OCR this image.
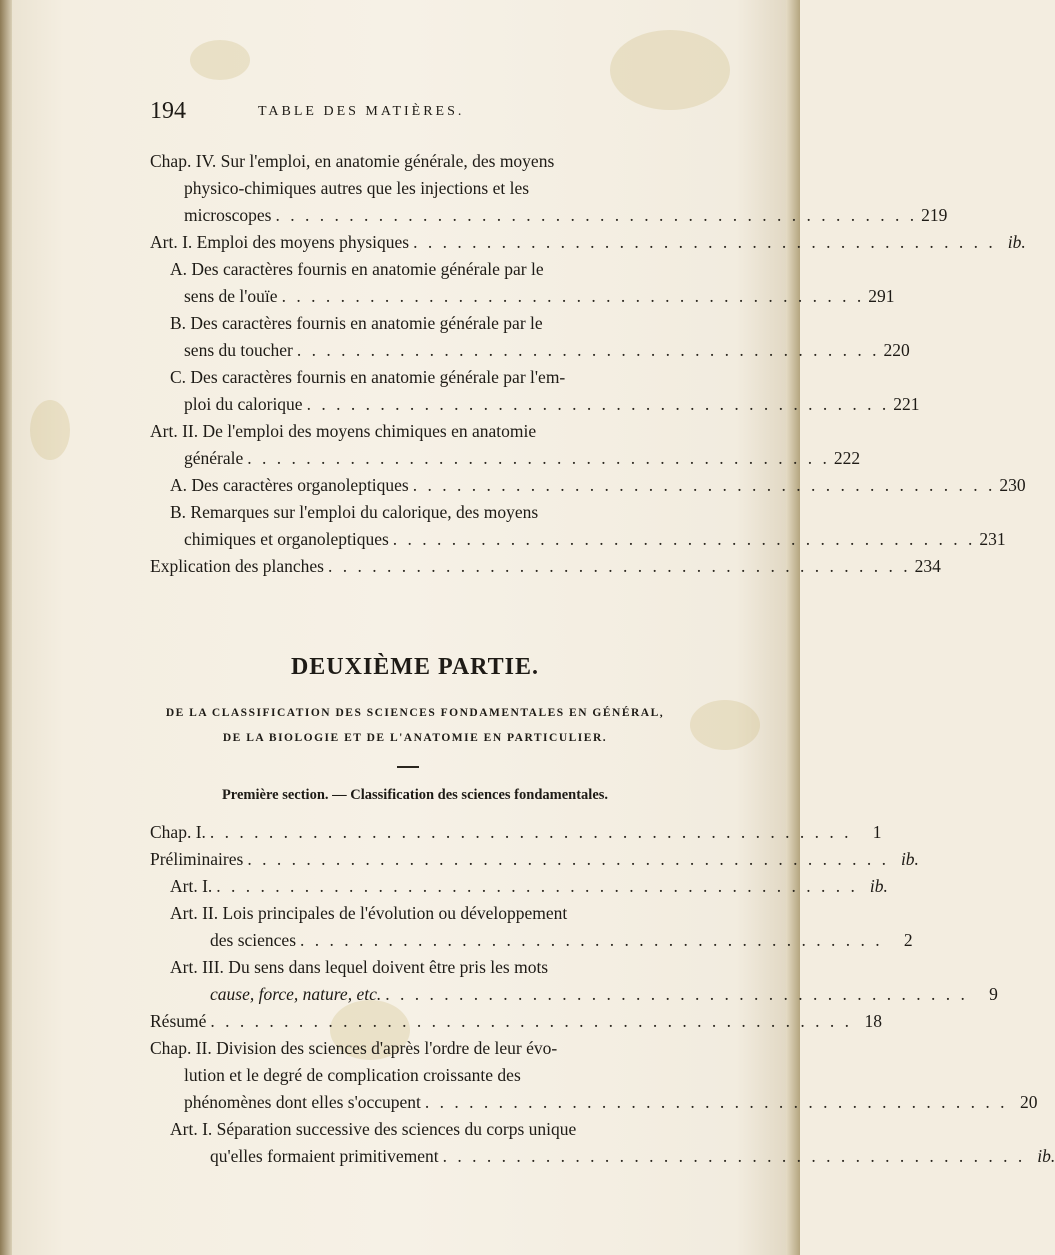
194	TABLE DES MATIÈRES.
Chap. IV. Sur l'emploi, en anatomie générale, des moyens
physico-chimiques autres que les injections et les
microscopes . . . . . . . . . . . . . . . . . . . . . . . . . . . . . . . . . . . . . . . . . . . . 219
Art. I. Emploi des moyens physiques . . . . . . . . . . . . . . . . . . . . . . . . . . . . . . . . . . . . . . . . ib.
A. Des caractères fournis en anatomie générale par le
sens de l'ouïe . . . . . . . . . . . . . . . . . . . . . . . . . . . . . . . . . . . . . . . . 291
B. Des caractères fournis en anatomie générale par le
sens du toucher . . . . . . . . . . . . . . . . . . . . . . . . . . . . . . . . . . . . . . . . 220
C. Des caractères fournis en anatomie générale par l'em-
ploi du calorique . . . . . . . . . . . . . . . . . . . . . . . . . . . . . . . . . . . . . . . . 221
Art. II. De l'emploi des moyens chimiques en anatomie
générale . . . . . . . . . . . . . . . . . . . . . . . . . . . . . . . . . . . . . . . . 222
A. Des caractères organoleptiques . . . . . . . . . . . . . . . . . . . . . . . . . . . . . . . . . . . . . . . . 230
B. Remarques sur l'emploi du calorique, des moyens
chimiques et organoleptiques . . . . . . . . . . . . . . . . . . . . . . . . . . . . . . . . . . . . . . . . 231
Explication des planches . . . . . . . . . . . . . . . . . . . . . . . . . . . . . . . . . . . . . . . . 234
DEUXIÈME PARTIE.
DE LA CLASSIFICATION DES SCIENCES FONDAMENTALES EN GÉNÉRAL,
DE LA BIOLOGIE ET DE L'ANATOMIE EN PARTICULIER.
Première section. — Classification des sciences fondamentales.
Chap. I. . . . . . . . . . . . . . . . . . . . . . . . . . . . . . . . . . . . . . . . . . . . .	1
Préliminaires . . . . . . . . . . . . . . . . . . . . . . . . . . . . . . . . . . . . . . . . . . . . ib.
Art. I. . . . . . . . . . . . . . . . . . . . . . . . . . . . . . . . . . . . . . . . . . . . . ib.
Art. II. Lois principales de l'évolution ou développement
des sciences . . . . . . . . . . . . . . . . . . . . . . . . . . . . . . . . . . . . . . . .	2
Art. III. Du sens dans lequel doivent être pris les mots
cause, force, nature, etc. . . . . . . . . . . . . . . . . . . . . . . . . . . . . . . . . . . . . . . . .	9
Résumé . . . . . . . . . . . . . . . . . . . . . . . . . . . . . . . . . . . . . . . . . . . . 18
Chap. II. Division des sciences d'après l'ordre de leur évo-
lution et le degré de complication croissante des
phénomènes dont elles s'occupent . . . . . . . . . . . . . . . . . . . . . . . . . . . . . . . . . . . . . . . . 20
Art. I. Séparation successive des sciences du corps unique
qu'elles formaient primitivement . . . . . . . . . . . . . . . . . . . . . . . . . . . . . . . . . . . . . . . . ib.
